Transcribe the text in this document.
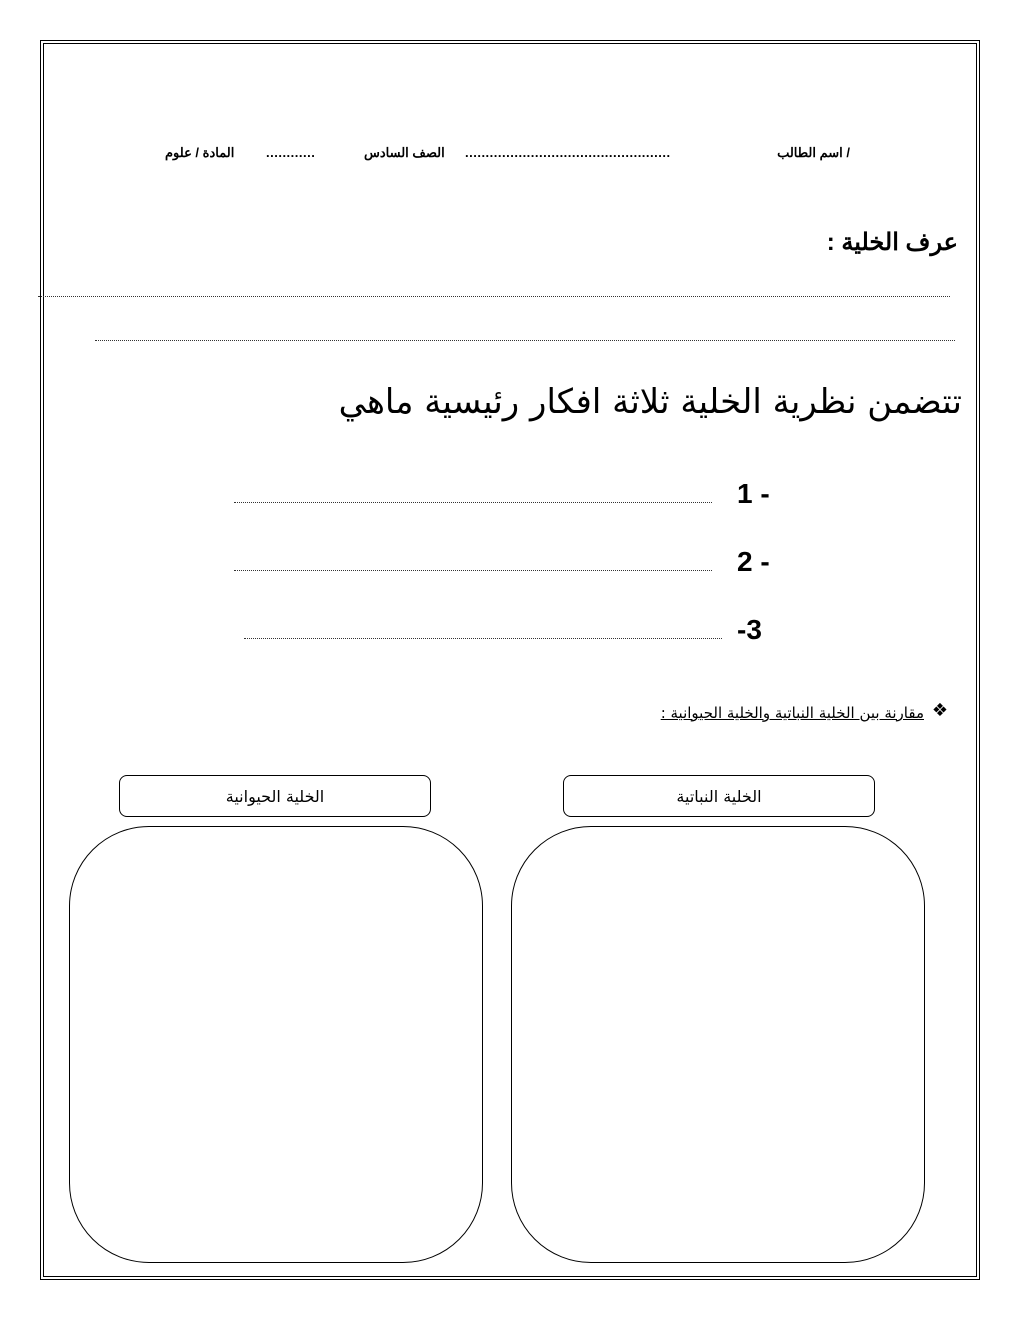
اسم الطالب /
..................................................
الصف السادس
............
المادة / علوم
عرف الخلية :
تتضمن نظرية الخلية ثلاثة افكار رئيسية ماهي
1 -
2 -
-3
❖
مقارنة بين الخلية النباتية والخلية الحيوانية :
الخلية النباتية
الخلية الحيوانية
